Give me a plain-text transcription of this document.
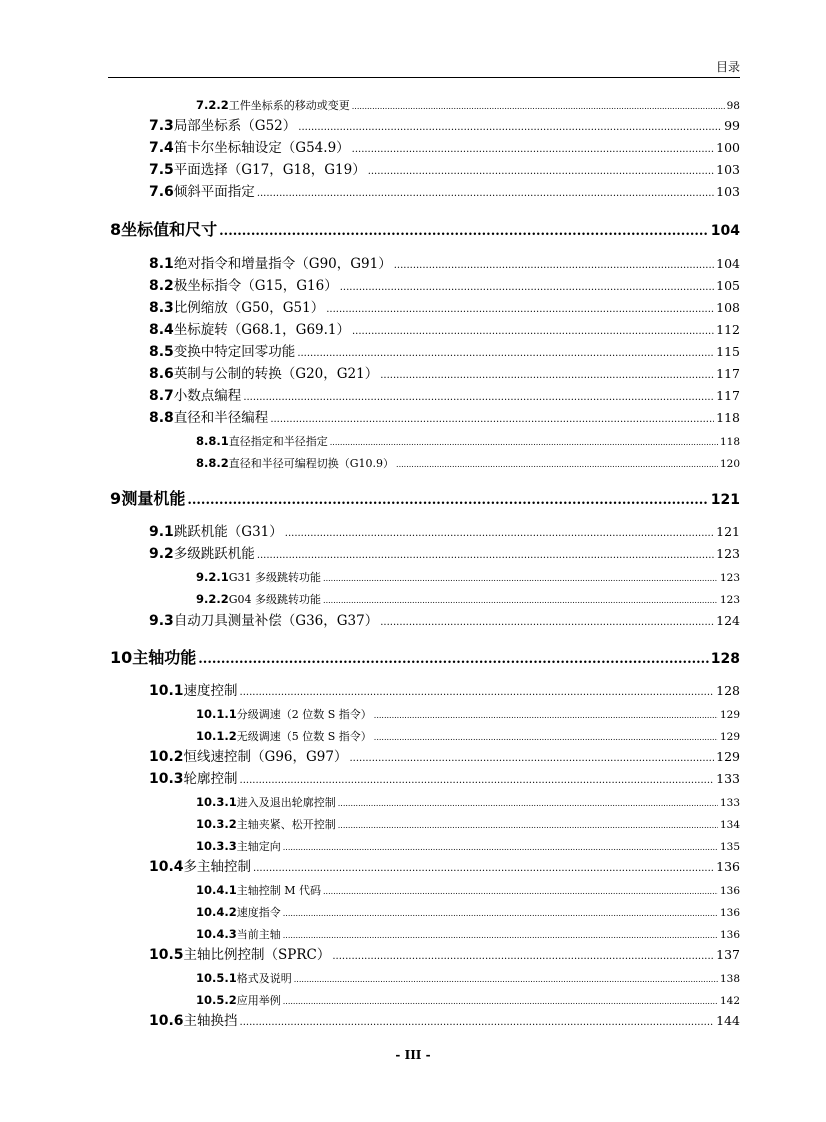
目录
7.2.2 工件坐标系的移动或变更 .....	98
7.3 局部坐标系（G52） .....	99
7.4 笛卡尔坐标轴设定（G54.9） .....	100
7.5 平面选择（G17，G18，G19） .....	103
7.6 倾斜平面指定 .....	103
8 坐标值和尺寸 .....	104
8.1 绝对指令和增量指令（G90，G91） .....	104
8.2 极坐标指令（G15，G16） .....	105
8.3 比例缩放（G50，G51） .....	108
8.4 坐标旋转（G68.1，G69.1） .....	112
8.5 变换中特定回零功能 .....	115
8.6 英制与公制的转换（G20，G21） .....	117
8.7 小数点编程 .....	117
8.8 直径和半径编程 .....	118
8.8.1 直径指定和半径指定 .....	118
8.8.2 直径和半径可编程切换（G10.9） .....	120
9 测量机能 .....	121
9.1 跳跃机能（G31） .....	121
9.2 多级跳跃机能 .....	123
9.2.1 G31 多级跳转功能 .....	123
9.2.2 G04 多级跳转功能 .....	123
9.3 自动刀具测量补偿（G36，G37） .....	124
10 主轴功能 .....	128
10.1 速度控制 .....	128
10.1.1 分级调速（2 位数 S 指令） .....	129
10.1.2 无级调速（5 位数 S 指令） .....	129
10.2 恒线速控制（G96，G97） .....	129
10.3 轮廓控制 .....	133
10.3.1 进入及退出轮廓控制 .....	133
10.3.2 主轴夹紧、松开控制 .....	134
10.3.3 主轴定向 .....	135
10.4 多主轴控制 .....	136
10.4.1 主轴控制 M 代码 .....	136
10.4.2 速度指令 .....	136
10.4.3 当前主轴 .....	136
10.5 主轴比例控制（SPRC） .....	137
10.5.1 格式及说明 .....	138
10.5.2 应用举例 .....	142
10.6 主轴换挡 .....	144
- III -
